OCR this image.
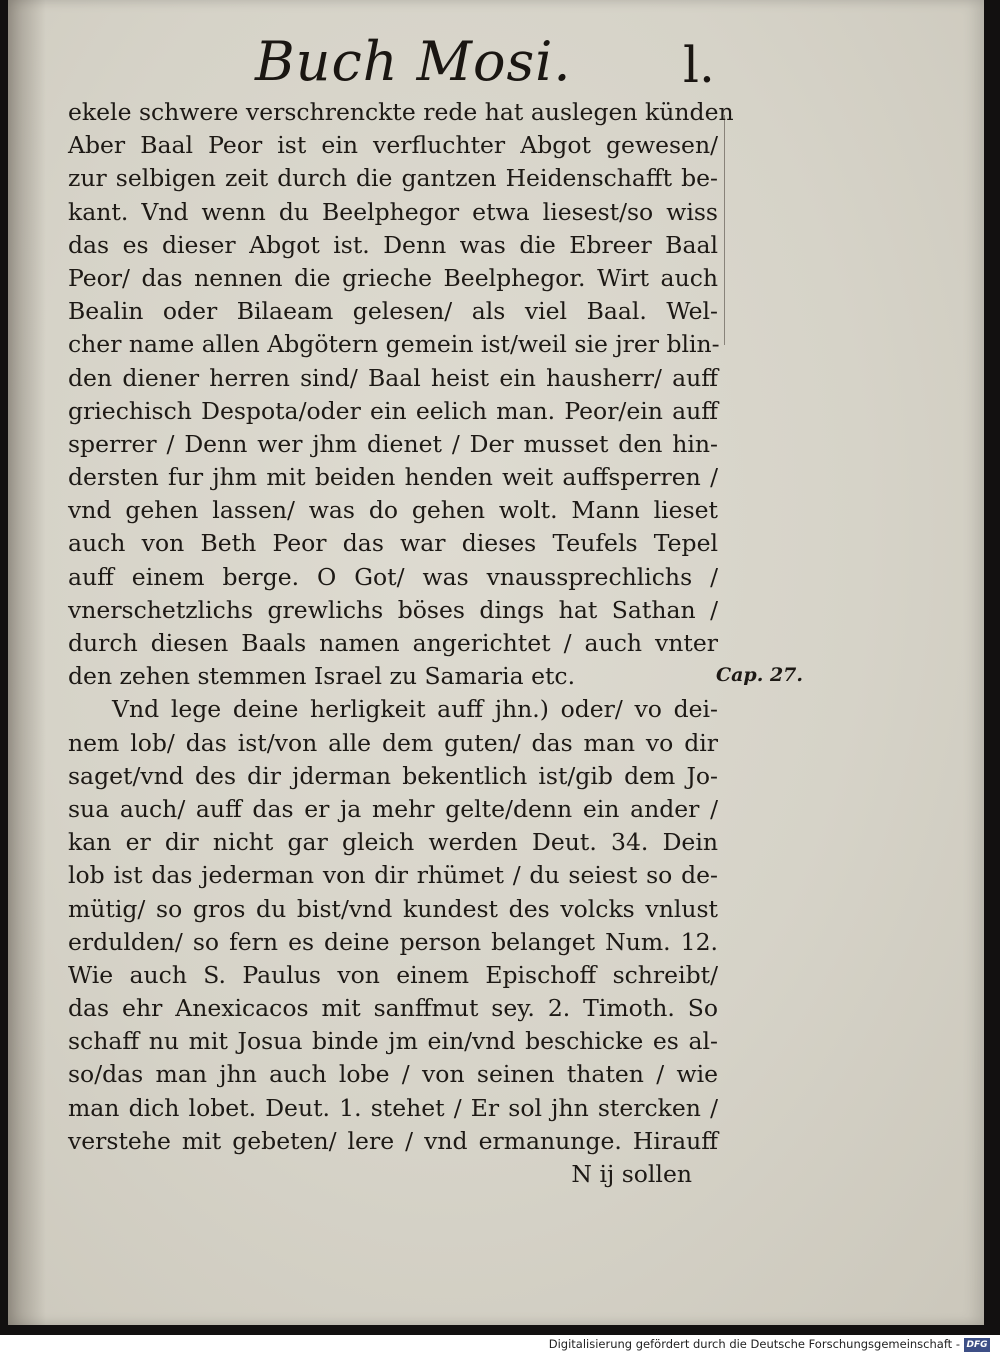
Buch Mosi. l.
ekele schwere verschrenckte rede hat auslegen künden
Aber Baal Peor ist ein verfluchter Abgot gewesen/
zur selbigen zeit durch die gantzen Heidenschafft be-
kant. Vnd wenn du Beelphegor etwa liesest/so wiss
das es dieser Abgot ist. Denn was die Ebreer Baal
Peor/ das nennen die grieche Beelphegor. Wirt auch
Bealin oder Bilaeam gelesen/ als viel Baal. Wel-
cher name allen Abgötern gemein ist/weil sie jrer blin-
den diener herren sind/ Baal heist ein hausherr/ auff
griechisch Despota/oder ein eelich man. Peor/ein auff
sperrer / Denn wer jhm dienet / Der musset den hin-
dersten fur jhm mit beiden henden weit auffsperren /
vnd gehen lassen/ was do gehen wolt. Mann lieset
auch von Beth Peor das war dieses Teufels Tepel
auff einem berge. O Got/ was vnaussprechlichs /
vnerschetzlichs grewlichs böses dings hat Sathan /
durch diesen Baals namen angerichtet / auch vnter
den zehen stemmen Israel zu Samaria etc.
Vnd lege deine herligkeit auff jhn.) oder/ vo dei-
nem lob/ das ist/von alle dem guten/ das man vo dir
saget/vnd des dir jderman bekentlich ist/gib dem Jo-
sua auch/ auff das er ja mehr gelte/denn ein ander /
kan er dir nicht gar gleich werden Deut. 34. Dein
lob ist das jederman von dir rhümet / du seiest so de-
mütig/ so gros du bist/vnd kundest des volcks vnlust
erdulden/ so fern es deine person belanget Num. 12.
Wie auch S. Paulus von einem Epischoff schreibt/
das ehr Anexicacos mit sanffmut sey. 2. Timoth. So
schaff nu mit Josua binde jm ein/vnd beschicke es al-
so/das man jhn auch lobe / von seinen thaten / wie
man dich lobet. Deut. 1. stehet / Er sol jhn stercken /
verstehe mit gebeten/ lere / vnd ermanunge. Hirauff
N ij sollen
Cap. 27.
Digitalisierung gefördert durch die Deutsche Forschungsgemeinschaft - DFG
